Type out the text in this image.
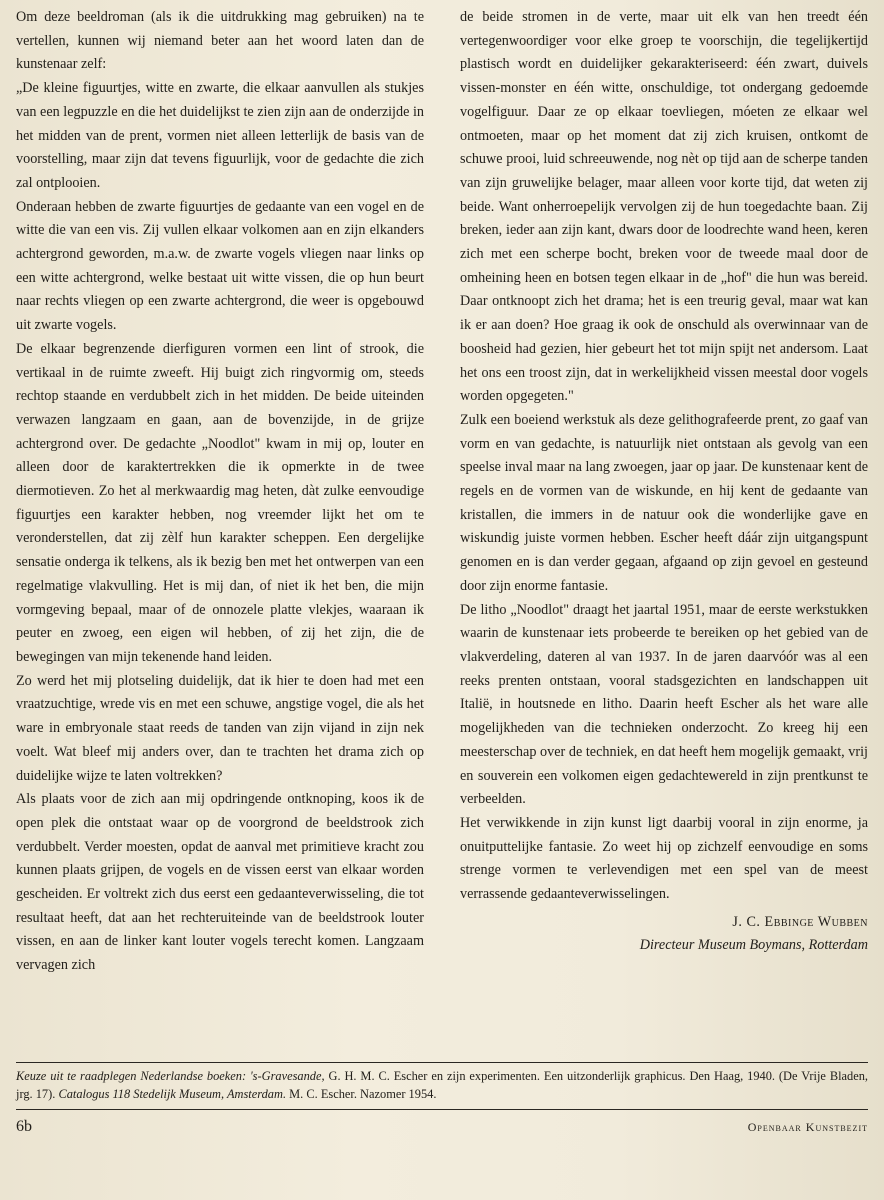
Om deze beeldroman (als ik die uitdrukking mag gebruiken) na te vertellen, kunnen wij niemand beter aan het woord laten dan de kunstenaar zelf:

„De kleine figuurtjes, witte en zwarte, die elkaar aanvullen als stukjes van een legpuzzle en die het duidelijkst te zien zijn aan de onderzijde in het midden van de prent, vormen niet alleen letterlijk de basis van de voorstelling, maar zijn dat tevens figuurlijk, voor de gedachte die zich zal ontplooien.

Onderaan hebben de zwarte figuurtjes de gedaante van een vogel en de witte die van een vis. Zij vullen elkaar volkomen aan en zijn elkanders achtergrond geworden, m.a.w. de zwarte vogels vliegen naar links op een witte achtergrond, welke bestaat uit witte vissen, die op hun beurt naar rechts vliegen op een zwarte achtergrond, die weer is opgebouwd uit zwarte vogels.

De elkaar begrenzende dierfiguren vormen een lint of strook, die vertikaal in de ruimte zweeft. Hij buigt zich ringvormig om, steeds rechtop staande en verdubbelt zich in het midden. De beide uiteinden verwazen langzaam en gaan, aan de bovenzijde, in de grijze achtergrond over. De gedachte „Noodlot" kwam in mij op, louter en alleen door de karaktertrekken die ik opmerkte in de twee diermotieven. Zo het al merkwaardig mag heten, dàt zulke eenvoudige figuurtjes een karakter hebben, nog vreemder lijkt het om te veronderstellen, dat zij zèlf hun karakter scheppen. Een dergelijke sensatie onderga ik telkens, als ik bezig ben met het ontwerpen van een regelmatige vlakvulling. Het is mij dan, of niet ik het ben, die mijn vormgeving bepaal, maar of de onnozele platte vlekjes, waaraan ik peuter en zwoeg, een eigen wil hebben, of zij het zijn, die de bewegingen van mijn tekenende hand leiden.

Zo werd het mij plotseling duidelijk, dat ik hier te doen had met een vraatzuchtige, wrede vis en met een schuwe, angstige vogel, die als het ware in embryonale staat reeds de tanden van zijn vijand in zijn nek voelt. Wat bleef mij anders over, dan te trachten het drama zich op duidelijke wijze te laten voltrekken?

Als plaats voor de zich aan mij opdringende ontknoping, koos ik de open plek die ontstaat waar op de voorgrond de beeldstrook zich verdubbelt. Verder moesten, opdat de aanval met primitieve kracht zou kunnen plaats grijpen, de vogels en de vissen eerst van elkaar worden gescheiden. Er voltrekt zich dus eerst een gedaanteverwisseling, die tot resultaat heeft, dat aan het rechteruiteinde van de beeldstrook louter vissen, en aan de linker kant louter vogels terecht komen. Langzaam vervagen zich

de beide stromen in de verte, maar uit elk van hen treedt één vertegenwoordiger voor elke groep te voorschijn, die tegelijkertijd plastisch wordt en duidelijker gekarakteriseerd: één zwart, duivels vissen-monster en één witte, onschuldige, tot ondergang gedoemde vogelfiguur. Daar ze op elkaar toevliegen, móeten ze elkaar wel ontmoeten, maar op het moment dat zij zich kruisen, ontkomt de schuwe prooi, luid schreeuwende, nog nèt op tijd aan de scherpe tanden van zijn gruwelijke belager, maar alleen voor korte tijd, dat weten zij beide. Want onherroepelijk vervolgen zij de hun toegedachte baan. Zij breken, ieder aan zijn kant, dwars door de loodrechte wand heen, keren zich met een scherpe bocht, breken voor de tweede maal door de omheining heen en botsen tegen elkaar in de „hof" die hun was bereid. Daar ontknoopt zich het drama; het is een treurig geval, maar wat kan ik er aan doen? Hoe graag ik ook de onschuld als overwinnaar van de boosheid had gezien, hier gebeurt het tot mijn spijt net andersom. Laat het ons een troost zijn, dat in werkelijkheid vissen meestal door vogels worden opgegeten."

Zulk een boeiend werkstuk als deze gelithografeerde prent, zo gaaf van vorm en van gedachte, is natuurlijk niet ontstaan als gevolg van een speelse inval maar na lang zwoegen, jaar op jaar. De kunstenaar kent de regels en de vormen van de wiskunde, en hij kent de gedaante van kristallen, die immers in de natuur ook die wonderlijke gave en wiskundig juiste vormen hebben. Escher heeft dáár zijn uitgangspunt genomen en is dan verder gegaan, afgaand op zijn gevoel en gesteund door zijn enorme fantasie.

De litho „Noodlot" draagt het jaartal 1951, maar de eerste werkstukken waarin de kunstenaar iets probeerde te bereiken op het gebied van de vlakverdeling, dateren al van 1937. In de jaren daarvóór was al een reeks prenten ontstaan, vooral stadsgezichten en landschappen uit Italië, in houtsnede en litho. Daarin heeft Escher als het ware alle mogelijkheden van die technieken onderzocht. Zo kreeg hij een meesterschap over de techniek, en dat heeft hem mogelijk gemaakt, vrij en souverein een volkomen eigen gedachtewereld in zijn prentkunst te verbeelden.

Het verwikkende in zijn kunst ligt daarbij vooral in zijn enorme, ja onuitputtelijke fantasie. Zo weet hij op zichzelf eenvoudige en soms strenge vormen te verlevendigen met een spel van de meest verrassende gedaanteverwisselingen.

J. C. Ebbinge Wubben
Directeur Museum Boymans, Rotterdam
Keuze uit te raadplegen Nederlandse boeken: 's-Gravesande, G. H. M. C. Escher en zijn experimenten. Een uitzonderlijk graphicus. Den Haag, 1940. (De Vrije Bladen, jrg. 17). Catalogus 118 Stedelijk Museum, Amsterdam. M. C. Escher. Nazomer 1954.
6b	Openbaar Kunstbezit
